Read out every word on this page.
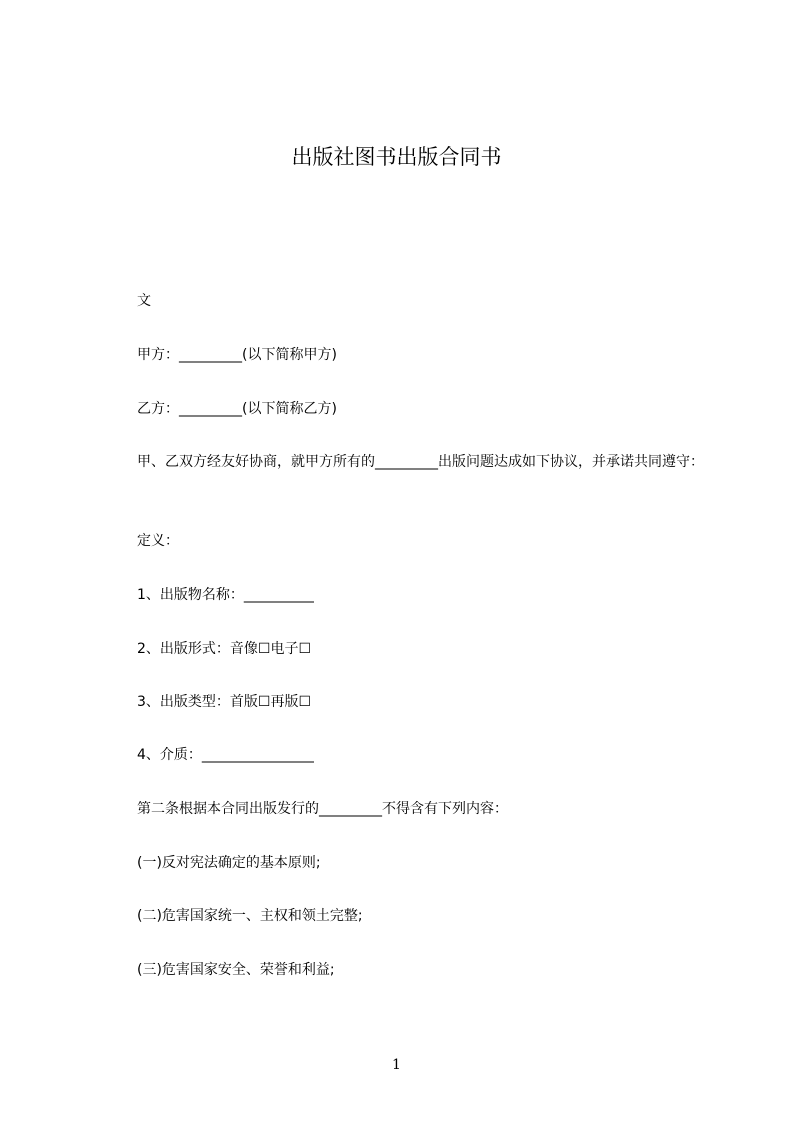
出版社图书出版合同书
文
甲方：_________(以下简称甲方)
乙方：_________(以下简称乙方)
甲、乙双方经友好协商，就甲方所有的_________出版问题达成如下协议，并承诺共同遵守：
定义：
1、出版物名称：__________
2、出版形式：音像☐电子☐
3、出版类型：首版☐再版☐
4、介质：________________
第二条根据本合同出版发行的_________不得含有下列内容：
(一)反对宪法确定的基本原则;
(二)危害国家统一、主权和领土完整;
(三)危害国家安全、荣誉和利益;
1
